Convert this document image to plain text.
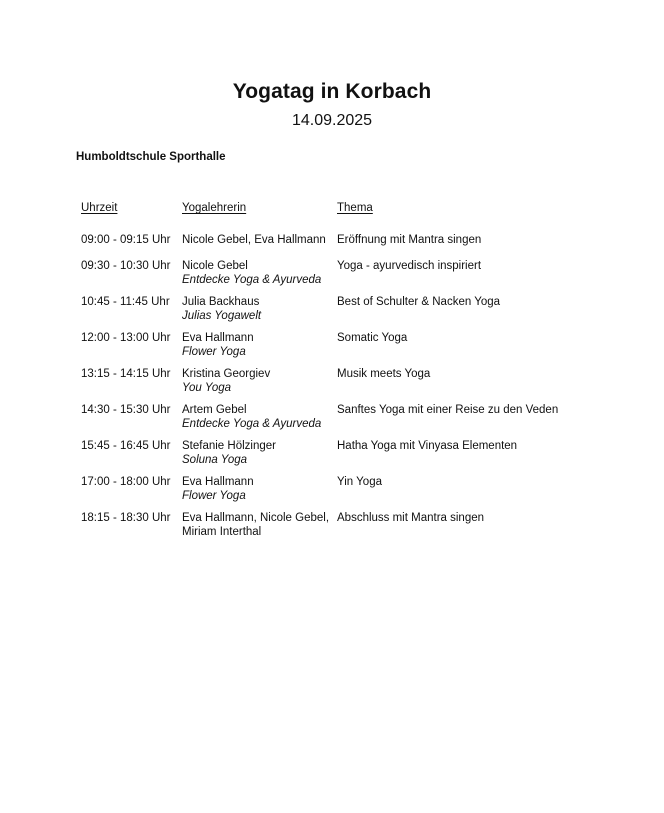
Yogatag in Korbach
14.09.2025
Humboldtschule Sporthalle
Uhrzeit	Yogalehrerin	Thema
09:00 - 09:15 Uhr Nicole Gebel, Eva Hallmann Eröffnung mit Mantra singen
09:30 - 10:30 Uhr Nicole Gebel
Entdecke Yoga & Ayurveda
Yoga - ayurvedisch inspiriert
10:45 - 11:45 Uhr Julia Backhaus
Julias Yogawelt
Best of Schulter & Nacken Yoga
12:00 - 13:00 Uhr Eva Hallmann
Flower Yoga
Somatic Yoga
13:15 - 14:15 Uhr Kristina Georgiev
You Yoga
Musik meets Yoga
14:30 - 15:30 Uhr Artem Gebel
Entdecke Yoga & Ayurveda
Sanftes Yoga mit einer Reise zu den Veden
15:45 - 16:45 Uhr Stefanie Hölzinger
Soluna Yoga
Hatha Yoga mit Vinyasa Elementen
17:00 - 18:00 Uhr Eva Hallmann
Flower Yoga
Yin Yoga
18:15 - 18:30 Uhr Eva Hallmann, Nicole Gebel,
Miriam Interthal
Abschluss mit Mantra singen
